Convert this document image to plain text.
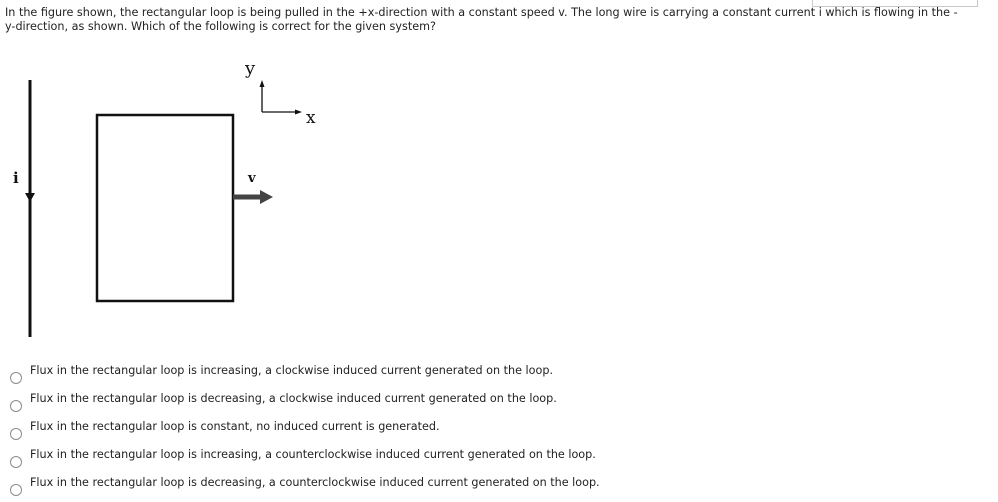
In the figure shown, the rectangular loop is being pulled in the +x-direction with a constant speed v. The long wire is carrying a constant current i which is flowing in the -y-direction, as shown. Which of the following is correct for the given system?
i	v
y
x
Flux in the rectangular loop is increasing, a clockwise induced current generated on the loop.
Flux in the rectangular loop is decreasing, a clockwise induced current generated on the loop.
Flux in the rectangular loop is constant, no induced current is generated.
Flux in the rectangular loop is increasing, a counterclockwise induced current generated on the loop.
Flux in the rectangular loop is decreasing, a counterclockwise induced current generated on the loop.
